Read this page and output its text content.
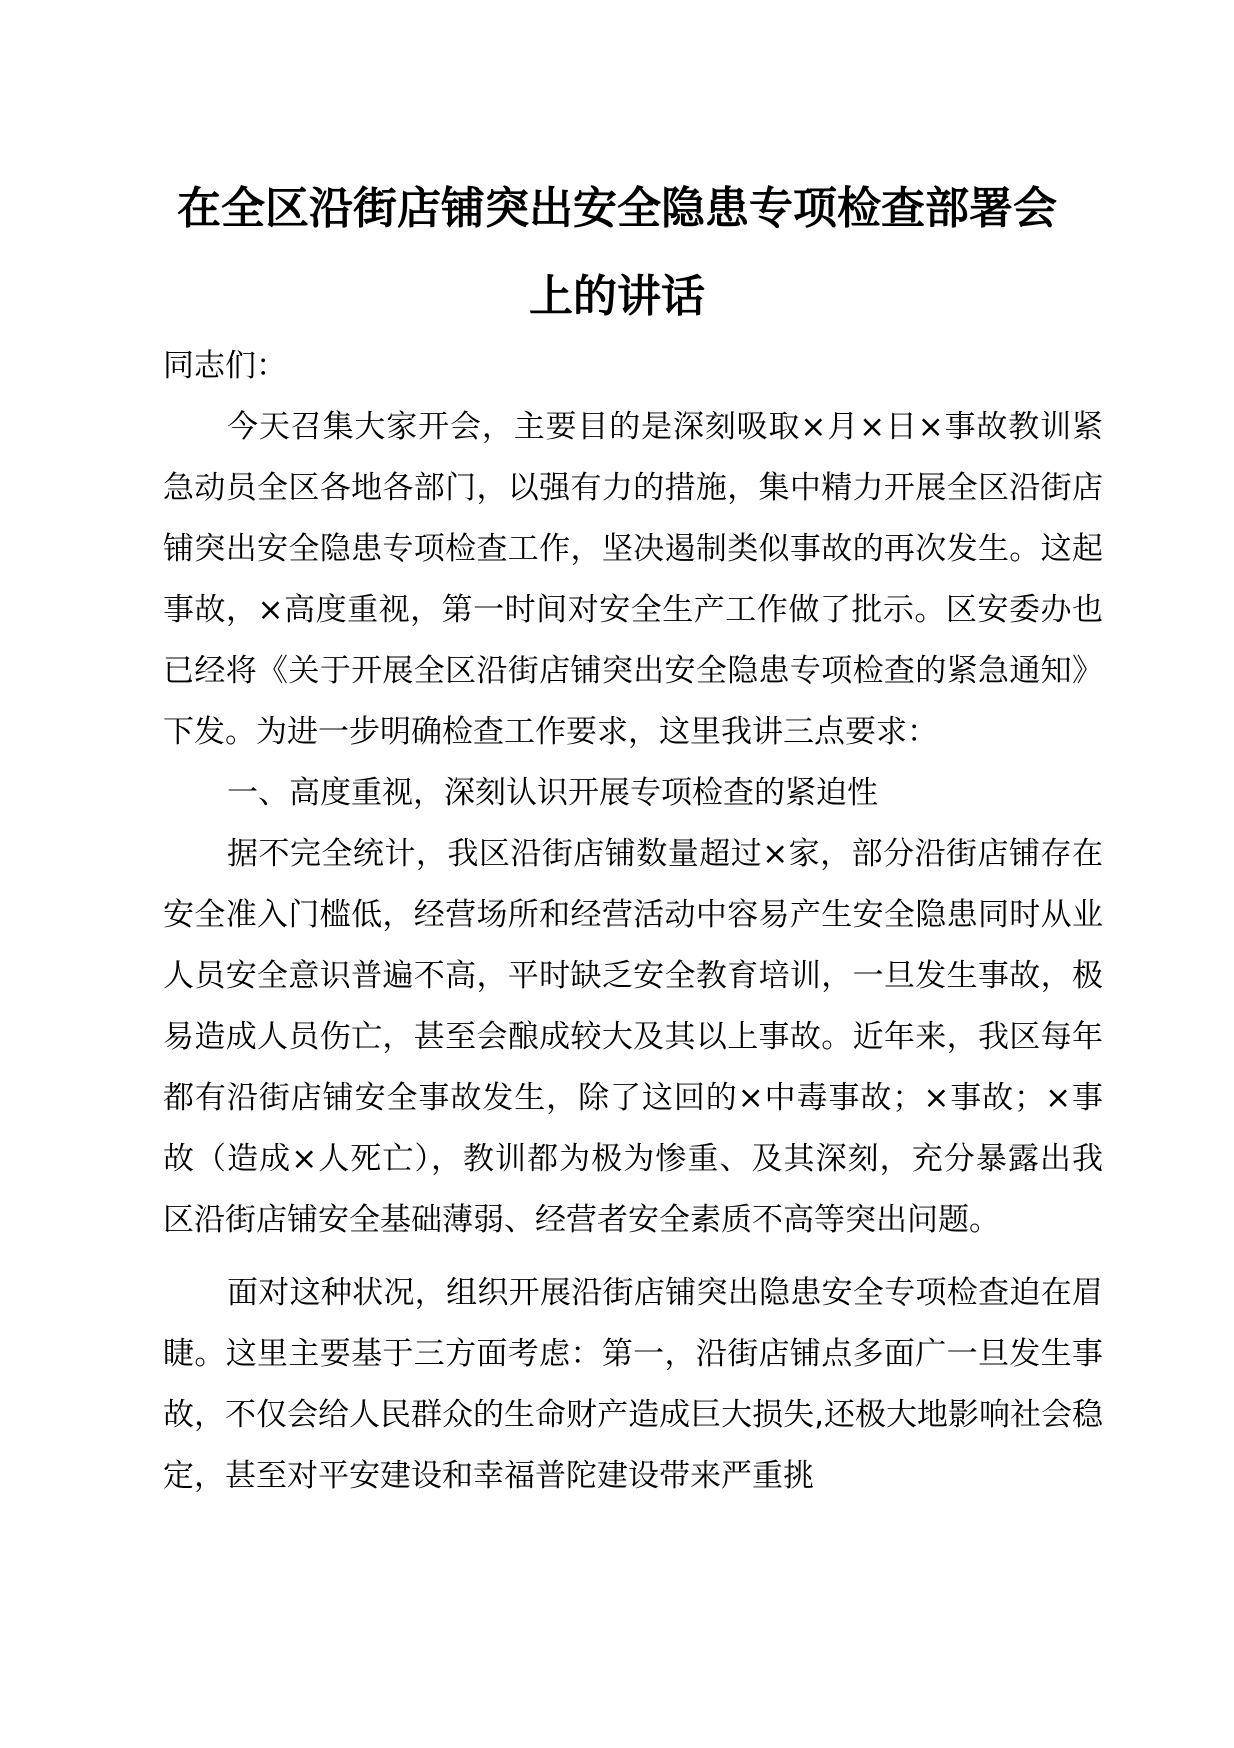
在全区沿街店铺突出安全隐患专项检查部署会
上的讲话

同志们：

今天召集大家开会，主要目的是深刻吸取×月×日×事故教训紧急动员全区各地各部门，以强有力的措施，集中精力开展全区沿街店铺突出安全隐患专项检查工作，坚决遏制类似事故的再次发生。这起事故，×高度重视，第一时间对安全生产工作做了批示。区安委办也已经将《关于开展全区沿街店铺突出安全隐患专项检查的紧急通知》下发。为进一步明确检查工作要求，这里我讲三点要求：

一、高度重视，深刻认识开展专项检查的紧迫性

据不完全统计，我区沿街店铺数量超过×家，部分沿街店铺存在安全准入门槛低，经营场所和经营活动中容易产生安全隐患同时从业人员安全意识普遍不高，平时缺乏安全教育培训，一旦发生事故，极易造成人员伤亡，甚至会酿成较大及其以上事故。近年来，我区每年都有沿街店铺安全事故发生，除了这回的×中毒事故；×事故；×事故（造成×人死亡），教训都为极为惨重、及其深刻，充分暴露出我区沿街店铺安全基础薄弱、经营者安全素质不高等突出问题。

面对这种状况，组织开展沿街店铺突出隐患安全专项检查迫在眉睫。这里主要基于三方面考虑：第一，沿街店铺点多面广一旦发生事故，不仅会给人民群众的生命财产造成巨大损失,还极大地影响社会稳定，甚至对平安建设和幸福普陀建设带来严重挑
